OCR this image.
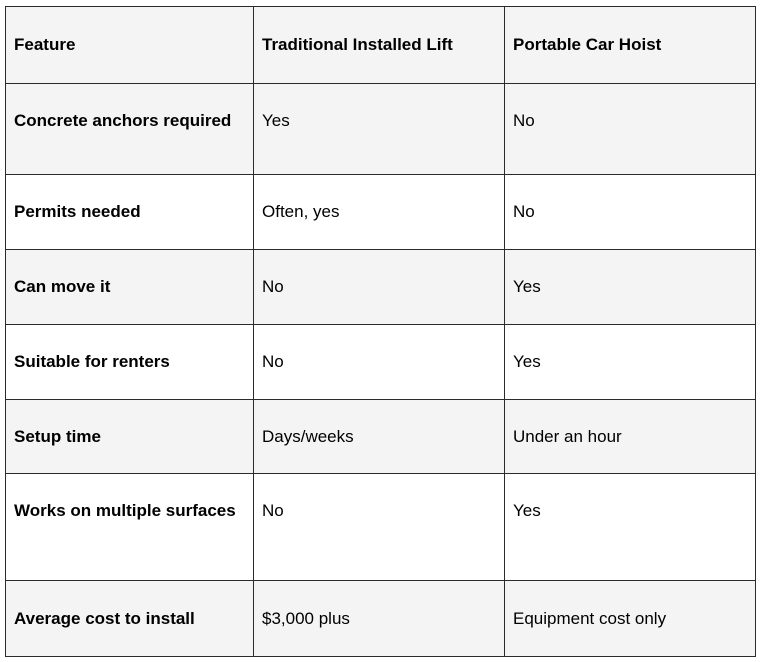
Feature	Traditional Installed Lift	Portable Car Hoist
Concrete anchors required	Yes	No
Permits needed	Often, yes	No
Can move it	No	Yes
Suitable for renters	No	Yes
Setup time	Days/weeks	Under an hour
Works on multiple surfaces	No	Yes
Average cost to install	$3,000 plus	Equipment cost only
